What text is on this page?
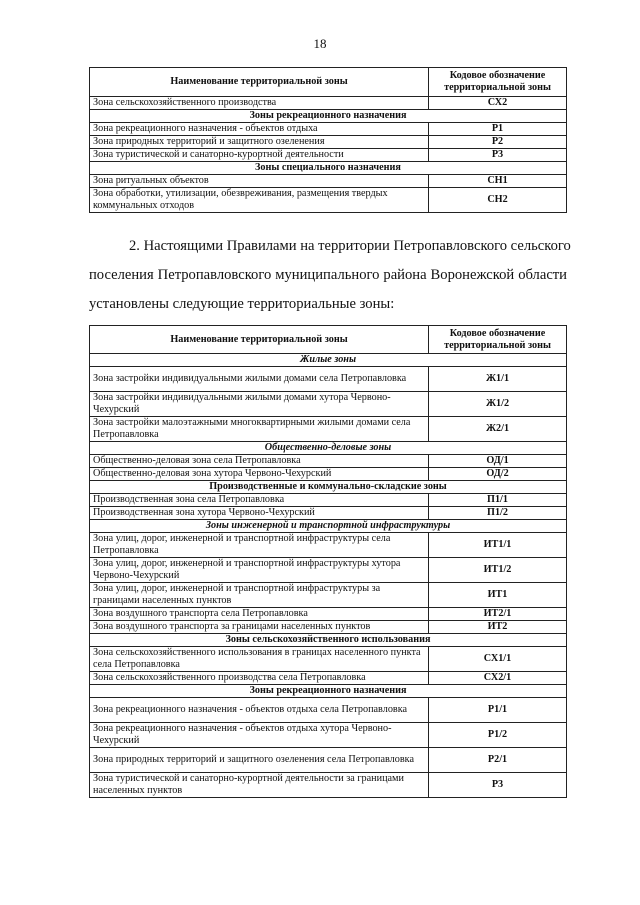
18
Наименование территориальной зоны	Кодовое обозначение территориальной зоны
Зона сельскохозяйственного производства	СХ2
Зоны рекреационного назначения	
Зона рекреационного назначения - объектов отдыха	Р1
Зона природных территорий и защитного озеленения	Р2
Зона туристической и санаторно-курортной деятельности	Р3
Зоны специального назначения	
Зона ритуальных объектов	СН1
Зона обработки, утилизации, обезвреживания, размещения твердых коммунальных отходов	СН2
2. Настоящими Правилами на территории Петропавловского сельского
поселения Петропавловского муниципального района Воронежской области
установлены следующие территориальные зоны:
Наименование территориальной зоны	Кодовое обозначение территориальной зоны
Жилые зоны	
Зона застройки индивидуальными жилыми домами села Петропавловка	Ж1/1
Зона застройки индивидуальными жилыми домами хутора Червоно-Чехурский	Ж1/2
Зона застройки малоэтажными многоквартирными жилыми домами села Петропавловка	Ж2/1
Общественно-деловые зоны	
Общественно-деловая зона села Петропавловка	ОД/1
Общественно-деловая зона хутора Червоно-Чехурский	ОД/2
Производственные и коммунально-складские зоны	
Производственная зона села Петропавловка	П1/1
Производственная зона хутора Червоно-Чехурский	П1/2
Зоны инженерной и транспортной инфраструктуры	
Зона улиц, дорог, инженерной и транспортной инфраструктуры села Петропавловка	ИТ1/1
Зона улиц, дорог, инженерной и транспортной инфраструктуры хутора Червоно-Чехурский	ИТ1/2
Зона улиц, дорог, инженерной и транспортной инфраструктуры за границами населенных пунктов	ИТ1
Зона воздушного транспорта села Петропавловка	ИТ2/1
Зона воздушного транспорта за границами населенных пунктов	ИТ2
Зоны сельскохозяйственного использования	
Зона сельскохозяйственного использования в границах населенного пункта села Петропавловка	СХ1/1
Зона сельскохозяйственного производства села Петропавловка	СХ2/1
Зоны рекреационного назначения	
Зона рекреационного назначения - объектов отдыха села Петропавловка	Р1/1
Зона рекреационного назначения - объектов отдыха хутора Червоно-Чехурский	Р1/2
Зона природных территорий и защитного озеленения села Петропавловка	Р2/1
Зона туристической и санаторно-курортной деятельности за границами населенных пунктов	Р3
